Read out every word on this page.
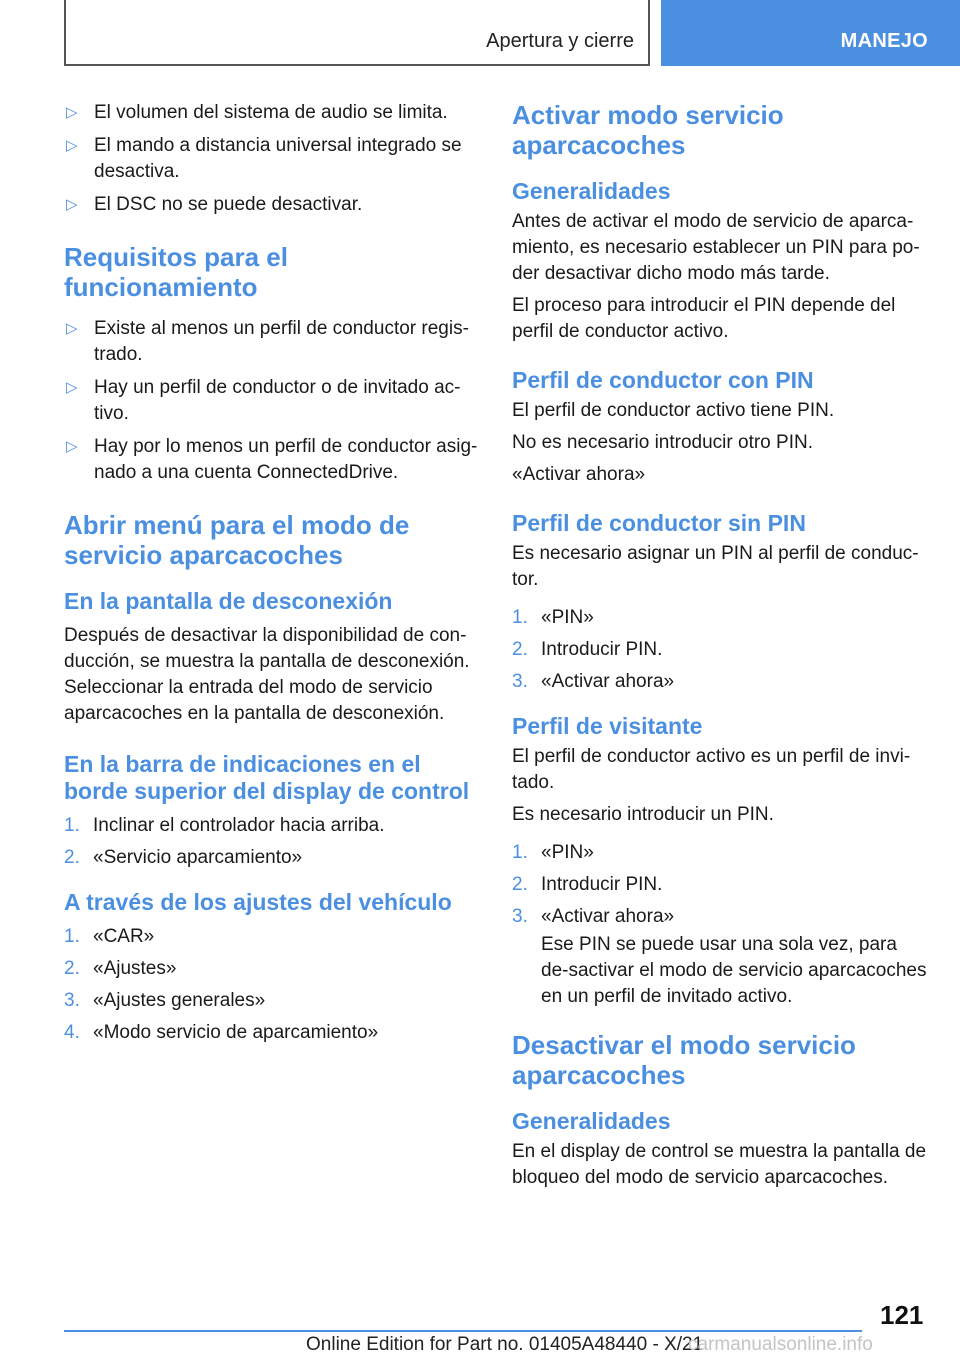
Apertura y cierre	MANEJO
▷ El volumen del sistema de audio se limita.
▷ El mando a distancia universal integrado se desactiva.
▷ El DSC no se puede desactivar.
Requisitos para el funcionamiento
▷ Existe al menos un perfil de conductor regis-trado.
▷ Hay un perfil de conductor o de invitado ac-tivo.
▷ Hay por lo menos un perfil de conductor asig-nado a una cuenta ConnectedDrive.
Abrir menú para el modo de servicio aparcacoches
En la pantalla de desconexión

Después de desactivar la disponibilidad de con-ducción, se muestra la pantalla de desconexión. Seleccionar la entrada del modo de servicio aparcacoches en la pantalla de desconexión.

En la barra de indicaciones en el borde superior del display de control
1. Inclinar el controlador hacia arriba.
2. «Servicio aparcamiento»
A través de los ajustes del vehículo
1. «CAR»
2. «Ajustes»
3. «Ajustes generales»
4. «Modo servicio de aparcamiento»
Activar modo servicio aparcacoches
Generalidades

Antes de activar el modo de servicio de aparca-miento, es necesario establecer un PIN para po-der desactivar dicho modo más tarde.

El proceso para introducir el PIN depende del perfil de conductor activo.

Perfil de conductor con PIN

El perfil de conductor activo tiene PIN.

No es necesario introducir otro PIN.

«Activar ahora»

Perfil de conductor sin PIN

Es necesario asignar un PIN al perfil de conduc-tor.

1. «PIN»
2. Introducir PIN.
3. «Activar ahora»
Perfil de visitante

El perfil de conductor activo es un perfil de invi-tado.

Es necesario introducir un PIN.

1. «PIN»
2. Introducir PIN.
3. «Activar ahora»
Ese PIN se puede usar una sola vez, para de-sactivar el modo de servicio aparcacoches en un perfil de invitado activo.
Desactivar el modo servicio aparcacoches
Generalidades

En el display de control se muestra la pantalla de bloqueo del modo de servicio aparcacoches.

121
Online Edition for Part no. 01405A48440 - X/21
carmanualsonline.info
